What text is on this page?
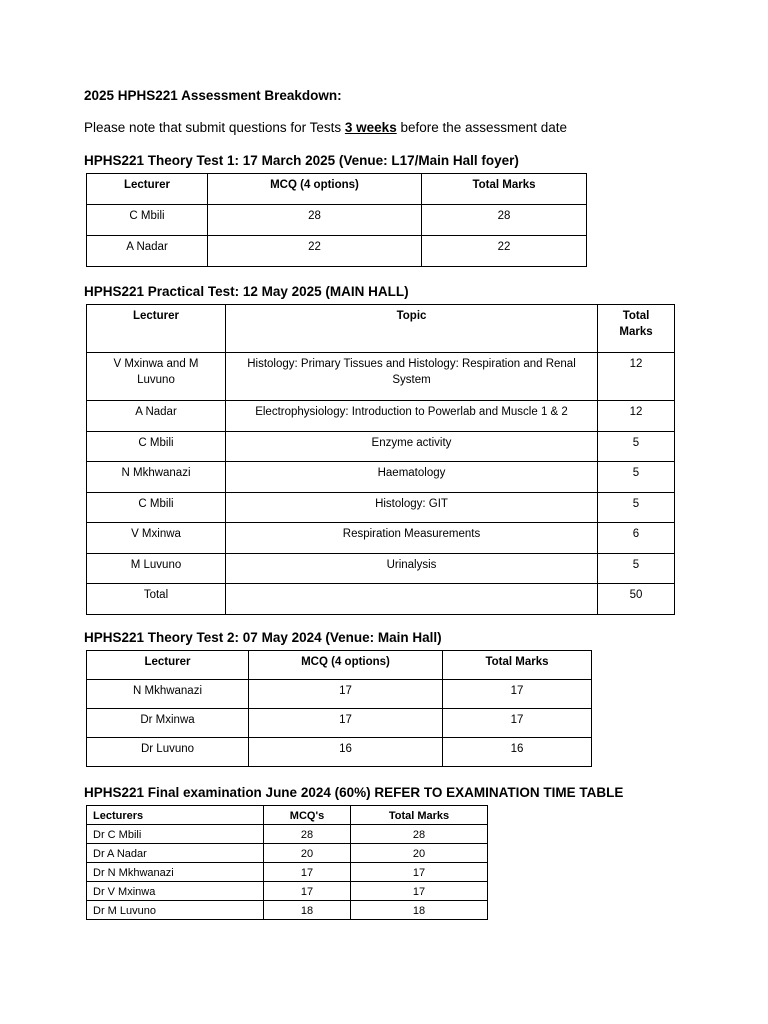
2025 HPHS221 Assessment Breakdown:
Please note that submit questions for Tests 3 weeks before the assessment date
HPHS221 Theory Test 1: 17 March 2025 (Venue: L17/Main Hall foyer)
Lecturer	MCQ (4 options)	Total Marks
C Mbili	28	28
A Nadar	22	22
HPHS221 Practical Test: 12 May 2025 (MAIN HALL)
Lecturer	Topic	Total
Marks
V Mxinwa and M
Luvuno	Histology: Primary Tissues and Histology: Respiration and Renal
System	12
A Nadar	Electrophysiology: Introduction to Powerlab and Muscle 1 & 2	12
C Mbili	Enzyme activity	5
N Mkhwanazi	Haematology	5
C Mbili	Histology: GIT	5
V Mxinwa	Respiration Measurements	6
M Luvuno	Urinalysis	5
Total		50
HPHS221 Theory Test 2: 07 May 2024 (Venue: Main Hall)
Lecturer	MCQ (4 options)	Total Marks
N Mkhwanazi	17	17
Dr Mxinwa	17	17
Dr Luvuno	16	16
HPHS221 Final examination June 2024 (60%) REFER TO EXAMINATION TIME TABLE
Lecturers	MCQ's	Total Marks
Dr C Mbili	28	28
Dr A Nadar	20	20
Dr N Mkhwanazi	17	17
Dr V Mxinwa	17	17
Dr M Luvuno	18	18
